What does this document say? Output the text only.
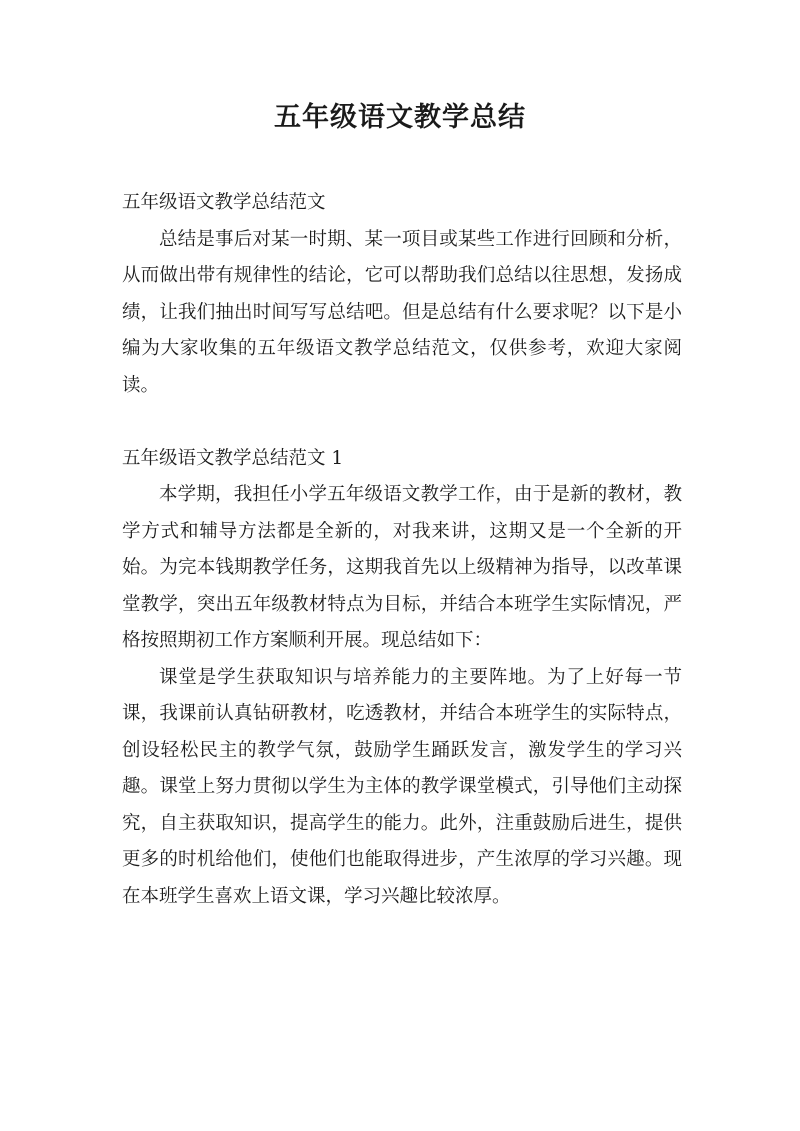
五年级语文教学总结

五年级语文教学总结范文

总结是事后对某一时期、某一项目或某些工作进行回顾和分析，从而做出带有规律性的结论，它可以帮助我们总结以往思想，发扬成绩，让我们抽出时间写写总结吧。但是总结有什么要求呢？以下是小编为大家收集的五年级语文教学总结范文，仅供参考，欢迎大家阅读。

五年级语文教学总结范文 1

本学期，我担任小学五年级语文教学工作，由于是新的教材，教学方式和辅导方法都是全新的，对我来讲，这期又是一个全新的开始。为完本钱期教学任务，这期我首先以上级精神为指导，以改革课堂教学，突出五年级教材特点为目标，并结合本班学生实际情况，严格按照期初工作方案顺利开展。现总结如下：

课堂是学生获取知识与培养能力的主要阵地。为了上好每一节课，我课前认真钻研教材，吃透教材，并结合本班学生的实际特点，创设轻松民主的教学气氛，鼓励学生踊跃发言，激发学生的学习兴趣。课堂上努力贯彻以学生为主体的教学课堂模式，引导他们主动探究，自主获取知识，提高学生的能力。此外，注重鼓励后进生，提供更多的时机给他们，使他们也能取得进步，产生浓厚的学习兴趣。现在本班学生喜欢上语文课，学习兴趣比较浓厚。
